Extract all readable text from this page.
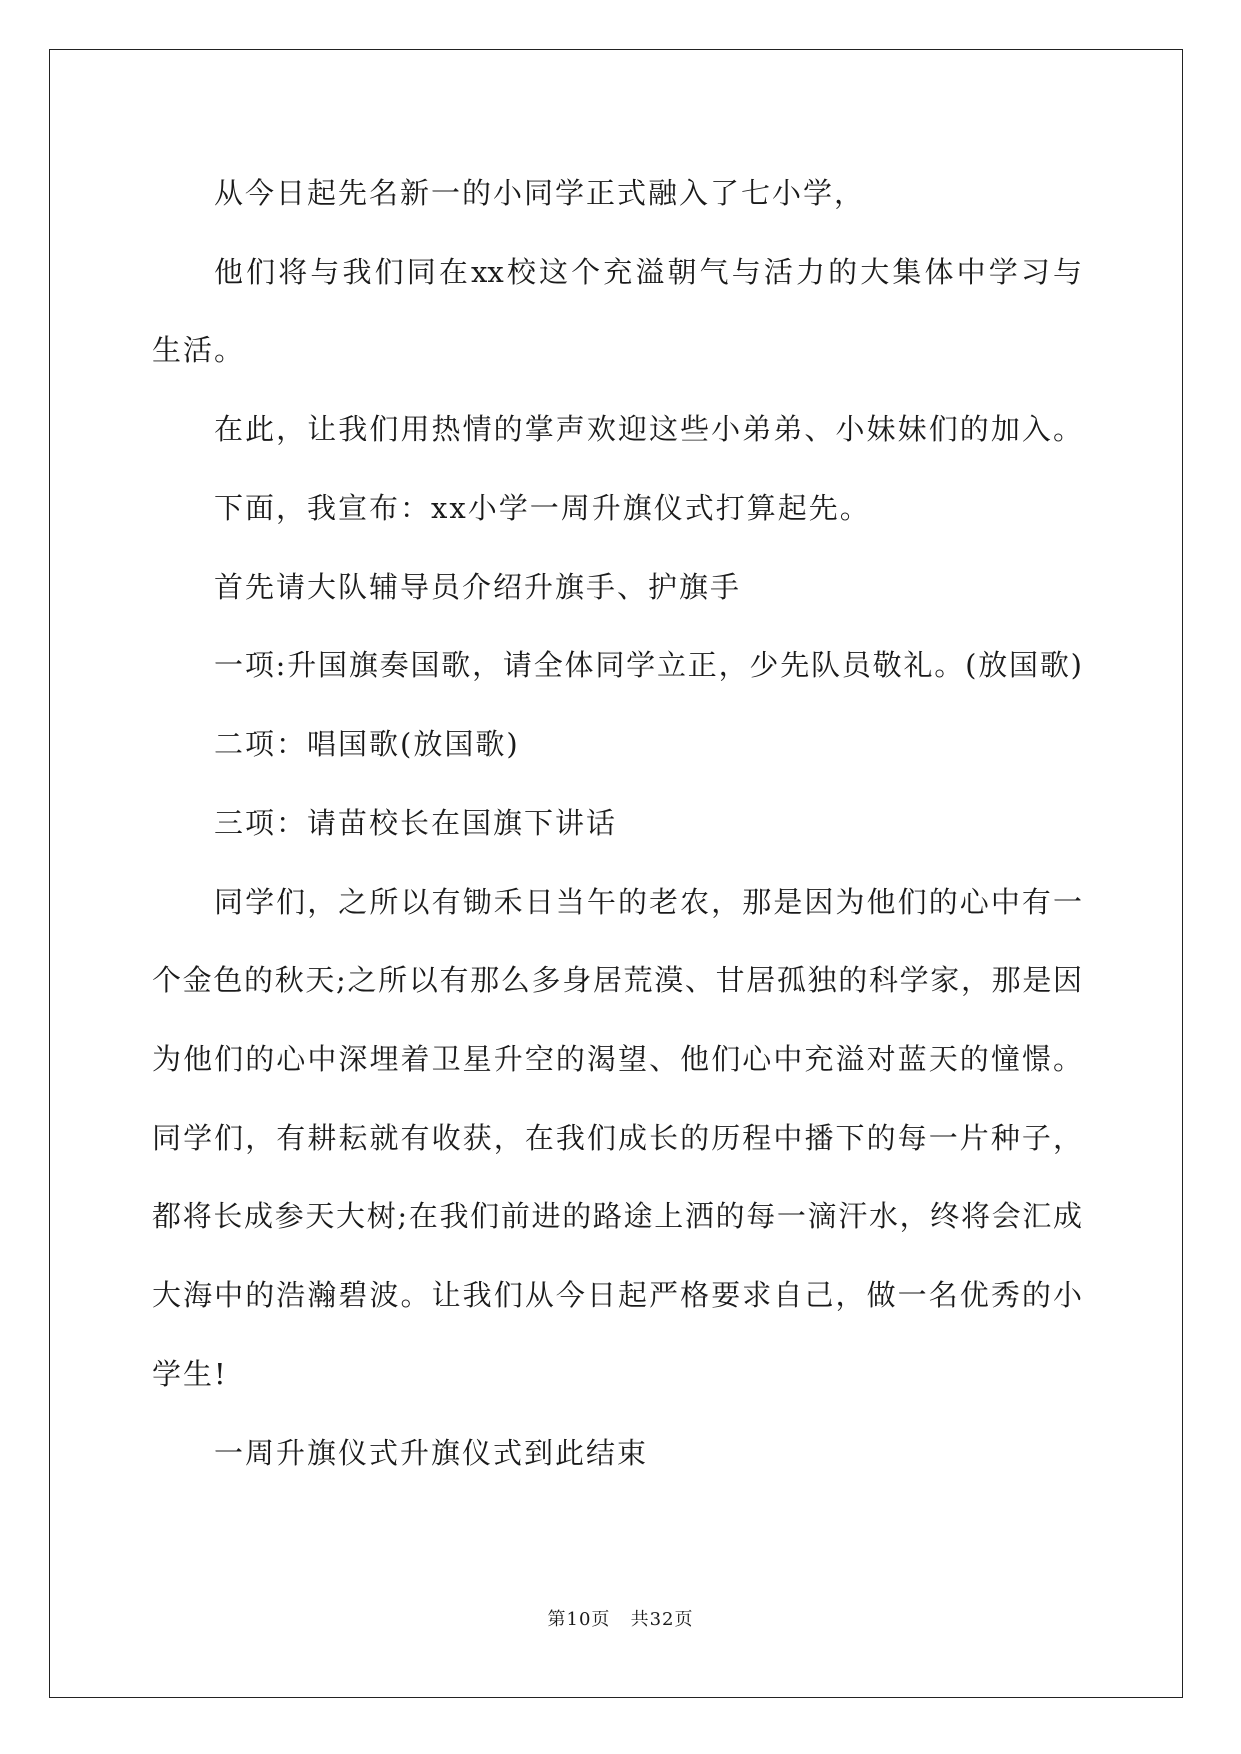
从今日起先名新一的小同学正式融入了七小学，
他们将与我们同在xx校这个充溢朝气与活力的大集体中学习与
生活。
在此，让我们用热情的掌声欢迎这些小弟弟、小妹妹们的加入。
下面，我宣布：xx小学一周升旗仪式打算起先。
首先请大队辅导员介绍升旗手、护旗手
一项:升国旗奏国歌，请全体同学立正，少先队员敬礼。(放国歌)
二项：唱国歌(放国歌)
三项：请苗校长在国旗下讲话
同学们，之所以有锄禾日当午的老农，那是因为他们的心中有一
个金色的秋天;之所以有那么多身居荒漠、甘居孤独的科学家，那是因
为他们的心中深埋着卫星升空的渴望、他们心中充溢对蓝天的憧憬。
同学们，有耕耘就有收获，在我们成长的历程中播下的每一片种子，
都将长成参天大树;在我们前进的路途上洒的每一滴汗水，终将会汇成
大海中的浩瀚碧波。让我们从今日起严格要求自己，做一名优秀的小
学生!
一周升旗仪式升旗仪式到此结束
第10页 共32页
